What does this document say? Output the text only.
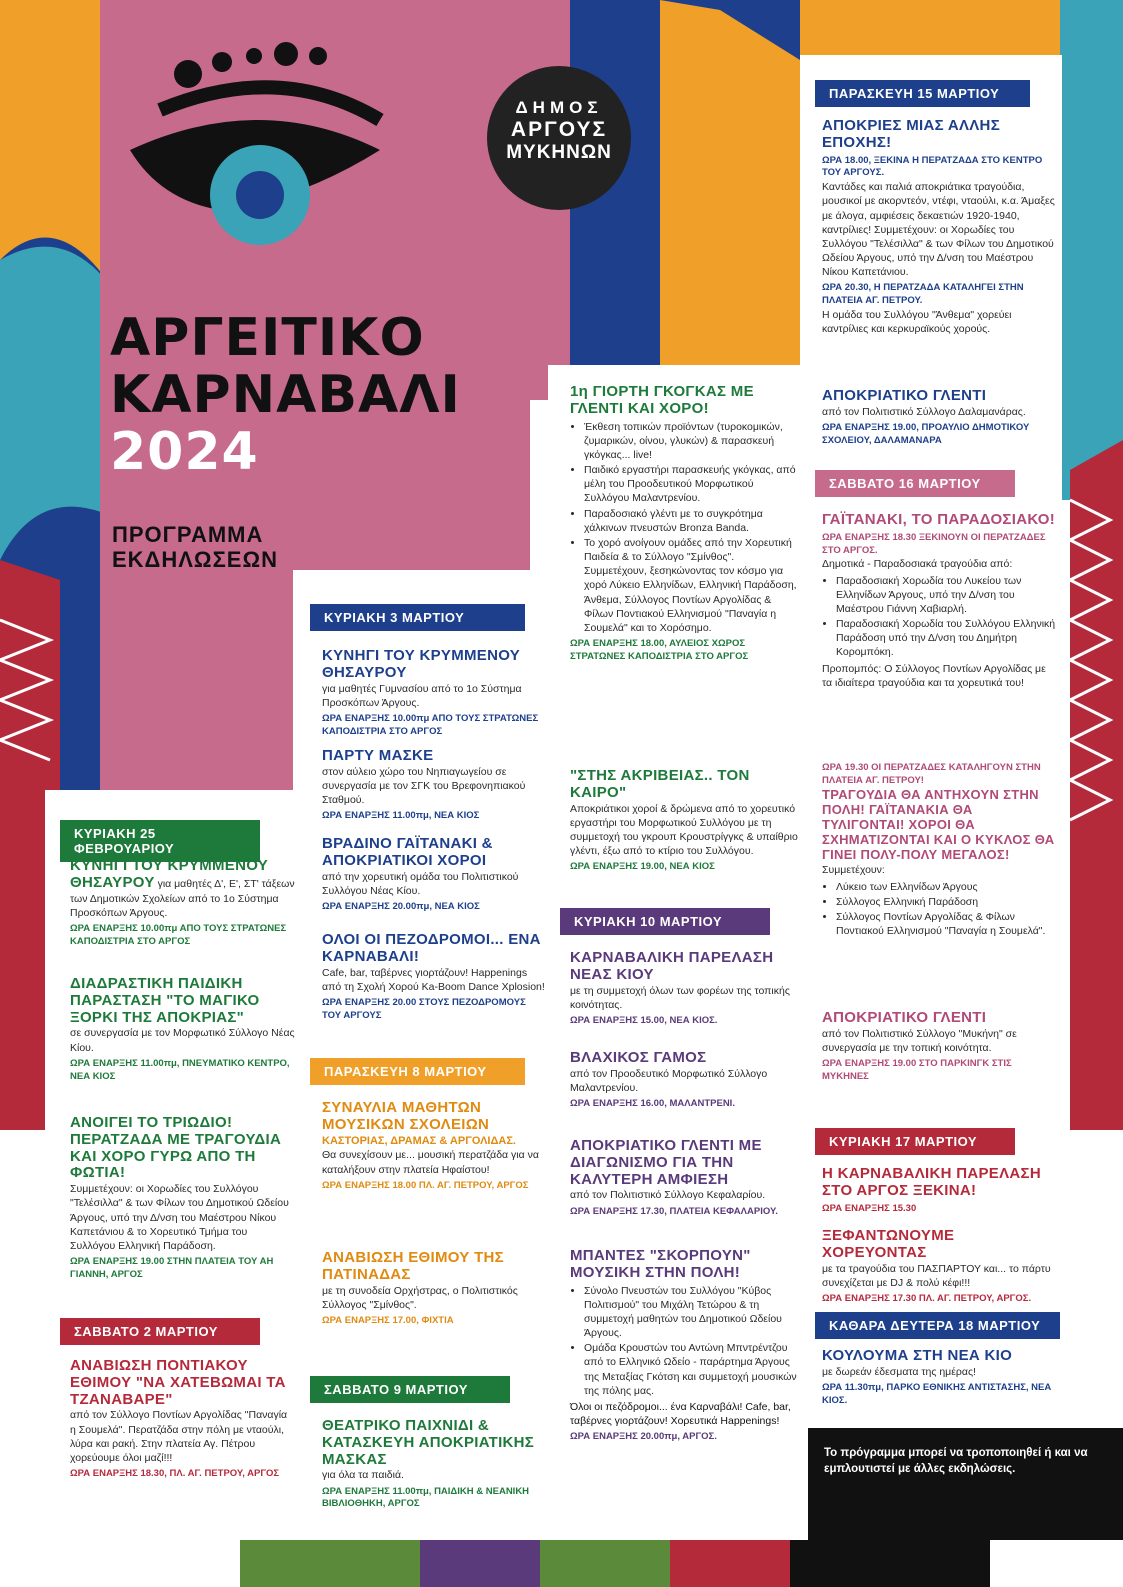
ΔΗΜΟΣ
ΑΡΓΟΥΣ
ΜΥΚΗΝΩΝ
ΑΡΓΕΙΤΙΚΟ
ΚΑΡΝΑΒΑΛΙ
2024
ΠΡΟΓΡΑΜΜΑ
ΕΚΔΗΛΩΣΕΩΝ
ΚΥΡΙΑΚΗ 25 ΦΕΒΡΟΥΑΡΙΟΥ
ΚΥΝΗΓΙ ΤΟΥ ΚΡΥΜΜΕΝΟΥ ΘΗΣΑΥΡΟΥ για μαθητές Δ', Ε', ΣΤ' τάξεων των Δημοτικών Σχολείων από το 1ο Σύστημα Προσκόπων Άργους.
ΩΡΑ ΕΝΑΡΞΗΣ 10.00πμ ΑΠΟ ΤΟΥΣ ΣΤΡΑΤΩΝΕΣ ΚΑΠΟΔΙΣΤΡΙΑ ΣΤΟ ΑΡΓΟΣ
ΔΙΑΔΡΑΣΤΙΚΗ ΠΑΙΔΙΚΗ ΠΑΡΑΣΤΑΣΗ "ΤΟ ΜΑΓΙΚΟ ΞΟΡΚΙ ΤΗΣ ΑΠΟΚΡΙΑΣ"
σε συνεργασία με τον Μορφωτικό Σύλλογο Νέας Κίου.
ΩΡΑ ΕΝΑΡΞΗΣ 11.00πμ, ΠΝΕΥΜΑΤΙΚΟ ΚΕΝΤΡΟ, ΝΕΑ ΚΙΟΣ
ΑΝΟΙΓΕΙ ΤΟ ΤΡΙΩΔΙΟ! ΠΕΡΑΤΖΑΔΑ ΜΕ ΤΡΑΓΟΥΔΙΑ ΚΑΙ ΧΟΡΟ ΓΥΡΩ ΑΠΟ ΤΗ ΦΩΤΙΑ!
Συμμετέχουν: οι Χορωδίες του Συλλόγου "Τελέσιλλα" & των Φίλων του Δημοτικού Ωδείου Άργους, υπό την Δ/νση του Μαέστρου Νίκου Καπετάνιου & το Χορευτικό Τμήμα του Συλλόγου Ελληνική Παράδοση.
ΩΡΑ ΕΝΑΡΞΗΣ 19.00 ΣΤΗΝ ΠΛΑΤΕΙΑ ΤΟΥ ΑΗ ΓΙΑΝΝΗ, ΑΡΓΟΣ
ΣΑΒΒΑΤΟ 2 ΜΑΡΤΙΟΥ
ΑΝΑΒΙΩΣΗ ΠΟΝΤΙΑΚΟΥ ΕΘΙΜΟΥ "ΝΑ ΧΑΤΕΒΩΜΑΙ ΤΑ ΤΖΑΝΑΒΑΡΕ"
από τον Σύλλογο Ποντίων Αργολίδας "Παναγία η Σουμελά". Περατζάδα στην πόλη με νταούλι, λύρα και ρακή. Στην πλατεία Αγ. Πέτρου χορεύουμε όλοι μαζί!!!
ΩΡΑ ΕΝΑΡΞΗΣ 18.30, ΠΛ. ΑΓ. ΠΕΤΡΟΥ, ΑΡΓΟΣ
ΚΥΡΙΑΚΗ 3 ΜΑΡΤΙΟΥ
ΚΥΝΗΓΙ ΤΟΥ ΚΡΥΜΜΕΝΟΥ ΘΗΣΑΥΡΟΥ
για μαθητές Γυμνασίου από το 1ο Σύστημα Προσκόπων Άργους.
ΩΡΑ ΕΝΑΡΞΗΣ 10.00πμ ΑΠΟ ΤΟΥΣ ΣΤΡΑΤΩΝΕΣ ΚΑΠΟΔΙΣΤΡΙΑ ΣΤΟ ΑΡΓΟΣ
ΠΑΡΤΥ ΜΑΣΚΕ
στον αύλειο χώρο του Νηπιαγωγείου σε συνεργασία με τον ΣΓΚ του Βρεφονηπιακού Σταθμού.
ΩΡΑ ΕΝΑΡΞΗΣ 11.00πμ, ΝΕΑ ΚΙΟΣ
ΒΡΑΔΙΝΟ ΓΑΪΤΑΝΑΚΙ & ΑΠΟΚΡΙΑΤΙΚΟΙ ΧΟΡΟΙ
από την χορευτική ομάδα του Πολιτιστικού Συλλόγου Νέας Κίου.
ΩΡΑ ΕΝΑΡΞΗΣ 20.00πμ, ΝΕΑ ΚΙΟΣ
ΟΛΟΙ ΟΙ ΠΕΖΟΔΡΟΜΟΙ... ΕΝΑ ΚΑΡΝΑΒΑΛΙ!
Cafe, bar, ταβέρνες γιορτάζουν! Happenings από τη Σχολή Χορού Ka-Boom Dance Xplosion!
ΩΡΑ ΕΝΑΡΞΗΣ 20.00 ΣΤΟΥΣ ΠΕΖΟΔΡΟΜΟΥΣ ΤΟΥ ΑΡΓΟΥΣ
ΠΑΡΑΣΚΕΥΗ 8 ΜΑΡΤΙΟΥ
ΣΥΝΑΥΛΙΑ ΜΑΘΗΤΩΝ ΜΟΥΣΙΚΩΝ ΣΧΟΛΕΙΩΝ
ΚΑΣΤΟΡΙΑΣ, ΔΡΑΜΑΣ & ΑΡΓΟΛΙΔΑΣ.
Θα συνεχίσουν με... μουσική περατζάδα για να καταλήξουν στην πλατεία Ηφαίστου!
ΩΡΑ ΕΝΑΡΞΗΣ 18.00 ΠΛ. ΑΓ. ΠΕΤΡΟΥ, ΑΡΓΟΣ
ΑΝΑΒΙΩΣΗ ΕΘΙΜΟΥ ΤΗΣ ΠΑΤΙΝΑΔΑΣ
με τη συνοδεία Ορχήστρας, ο Πολιτιστικός Σύλλογος "Σμίνθος".
ΩΡΑ ΕΝΑΡΞΗΣ 17.00, ΦΙΧΤΙΑ
ΣΑΒΒΑΤΟ 9 ΜΑΡΤΙΟΥ
ΘΕΑΤΡΙΚΟ ΠΑΙΧΝΙΔΙ & ΚΑΤΑΣΚΕΥΗ ΑΠΟΚΡΙΑΤΙΚΗΣ ΜΑΣΚΑΣ
για όλα τα παιδιά.
ΩΡΑ ΕΝΑΡΞΗΣ 11.00πμ, ΠΑΙΔΙΚΗ & ΝΕΑΝΙΚΗ ΒΙΒΛΙΟΘΗΚΗ, ΑΡΓΟΣ
1η ΓΙΟΡΤΗ ΓΚΟΓΚΑΣ ΜΕ ΓΛΕΝΤΙ ΚΑΙ ΧΟΡΟ!
• Έκθεση τοπικών προϊόντων (τυροκομικών, ζυμαρικών, οίνου, γλυκών) & παρασκευή γκόγκας... live!
• Παιδικό εργαστήρι παρασκευής γκόγκας, από μέλη του Προοδευτικού Μορφωτικού Συλλόγου Μαλαντρενίου.
• Παραδοσιακό γλέντι με το συγκρότημα χάλκινων πνευστών Bronza Banda.
• Το χορό ανοίγουν ομάδες από την Χορευτική Παιδεία & το Σύλλογο "Σμίνθος". Συμμετέχουν, ξεσηκώνοντας τον κόσμο για χορό Λύκειο Ελληνίδων, Ελληνική Παράδοση, Άνθεμα, Σύλλογος Ποντίων Αργολίδας & Φίλων Ποντιακού Ελληνισμού "Παναγία η Σουμελά" και το Χορόσημο.
ΩΡΑ ΕΝΑΡΞΗΣ 18.00, ΑΥΛΕΙΟΣ ΧΩΡΟΣ ΣΤΡΑΤΩΝΕΣ ΚΑΠΟΔΙΣΤΡΙΑ ΣΤΟ ΑΡΓΟΣ
"ΣΤΗΣ ΑΚΡΙΒΕΙΑΣ.. ΤΟΝ ΚΑΙΡΟ"
Αποκριάτικοι χοροί & δρώμενα από το χορευτικό εργαστήρι του Μορφωτικού Συλλόγου με τη συμμετοχή του γκρουπ Κρουστρίγγκς & υπαίθριο γλέντι, έξω από το κτίριο του Συλλόγου.
ΩΡΑ ΕΝΑΡΞΗΣ 19.00, ΝΕΑ ΚΙΟΣ
ΚΥΡΙΑΚΗ 10 ΜΑΡΤΙΟΥ
ΚΑΡΝΑΒΑΛΙΚΗ ΠΑΡΕΛΑΣΗ ΝΕΑΣ ΚΙΟΥ
με τη συμμετοχή όλων των φορέων της τοπικής κοινότητας.
ΩΡΑ ΕΝΑΡΞΗΣ 15.00, ΝΕΑ ΚΙΟΣ.
ΒΛΑΧΙΚΟΣ ΓΑΜΟΣ
από τον Προοδευτικό Μορφωτικό Σύλλογο Μαλαντρενίου.
ΩΡΑ ΕΝΑΡΞΗΣ 16.00, ΜΑΛΑΝΤΡΕΝΙ.
ΑΠΟΚΡΙΑΤΙΚΟ ΓΛΕΝΤΙ ΜΕ ΔΙΑΓΩΝΙΣΜΟ ΓΙΑ ΤΗΝ ΚΑΛΥΤΕΡΗ ΑΜΦΙΕΣΗ
από τον Πολιτιστικό Σύλλογο Κεφαλαρίου.
ΩΡΑ ΕΝΑΡΞΗΣ 17.30, ΠΛΑΤΕΙΑ ΚΕΦΑΛΑΡΙΟΥ.
ΜΠΑΝΤΕΣ "ΣΚΟΡΠΟΥΝ" ΜΟΥΣΙΚΗ ΣΤΗΝ ΠΟΛΗ!
• Σύνολο Πνευστών του Συλλόγου "Κύβος Πολιτισμού" του Μιχάλη Τετώρου & τη συμμετοχή μαθητών του Δημοτικού Ωδείου Άργους.
• Ομάδα Κρουστών του Αντώνη Μπντρέντζου από το Ελληνικό Ωδείο - παράρτημα Άργους της Μεταξίας Γκότση και συμμετοχή μουσικών της πόλης μας.
Όλοι οι πεζόδρομοι... ένα Καρναβάλι! Cafe, bar, ταβέρνες γιορτάζουν! Χορευτικά Happenings!
ΩΡΑ ΕΝΑΡΞΗΣ 20.00πμ, ΑΡΓΟΣ.
ΠΑΡΑΣΚΕΥΗ 15 ΜΑΡΤΙΟΥ
ΑΠΟΚΡΙΕΣ ΜΙΑΣ ΑΛΛΗΣ ΕΠΟΧΗΣ!
ΩΡΑ 18.00, ΞΕΚΙΝΑ Η ΠΕΡΑΤΖΑΔΑ ΣΤΟ ΚΕΝΤΡΟ ΤΟΥ ΑΡΓΟΥΣ.
Καντάδες και παλιά αποκριάτικα τραγούδια, μουσικοί με ακορντεόν, ντέφι, νταούλι, κ.α. Άμαξες με άλογα, αμφιέσεις δεκαετιών 1920-1940, καντρίλιες! Συμμετέχουν: οι Χορωδίες του Συλλόγου "Τελέσιλλα" & των Φίλων του Δημοτικού Ωδείου Άργους, υπό την Δ/νση του Μαέστρου Νίκου Καπετάνιου.
ΩΡΑ 20.30, Η ΠΕΡΑΤΖΑΔΑ ΚΑΤΑΛΗΓΕΙ ΣΤΗΝ ΠΛΑΤΕΙΑ ΑΓ. ΠΕΤΡΟΥ.
Η ομάδα του Συλλόγου "Άνθεμα" χορεύει καντρίλιες και κερκυραϊκούς χορούς.
ΑΠΟΚΡΙΑΤΙΚΟ ΓΛΕΝΤΙ
από τον Πολιτιστικό Σύλλογο Δαλαμανάρας.
ΩΡΑ ΕΝΑΡΞΗΣ 19.00, ΠΡΟΑΥΛΙΟ ΔΗΜΟΤΙΚΟΥ ΣΧΟΛΕΙΟΥ, ΔΑΛΑΜΑΝΑΡΑ
ΣΑΒΒΑΤΟ 16 ΜΑΡΤΙΟΥ
ΓΑΪΤΑΝΑΚΙ, ΤΟ ΠΑΡΑΔΟΣΙΑΚΟ!
ΩΡΑ ΕΝΑΡΞΗΣ 18.30 ΞΕΚΙΝΟΥΝ ΟΙ ΠΕΡΑΤΖΑΔΕΣ ΣΤΟ ΑΡΓΟΣ.
Δημοτικά - Παραδοσιακά τραγούδια από:
• Παραδοσιακή Χορωδία του Λυκείου των Ελληνίδων Άργους, υπό την Δ/νση του Μαέστρου Γιάννη Χαβιαρλή.
• Παραδοσιακή Χορωδία του Συλλόγου Ελληνική Παράδοση υπό την Δ/νση του Δημήτρη Κορομπόκη.
Προπομπός: Ο Σύλλογος Ποντίων Αργολίδας με τα ιδιαίτερα τραγούδια και τα χορευτικά του!
ΩΡΑ 19.30 ΟΙ ΠΕΡΑΤΖΑΔΕΣ ΚΑΤΑΛΗΓΟΥΝ ΣΤΗΝ ΠΛΑΤΕΙΑ ΑΓ. ΠΕΤΡΟΥ!
ΤΡΑΓΟΥΔΙΑ ΘΑ ΑΝΤΗΧΟΥΝ ΣΤΗΝ ΠΟΛΗ! ΓΑΪΤΑΝΑΚΙΑ ΘΑ ΤΥΛΙΓΟΝΤΑΙ! ΧΟΡΟΙ ΘΑ ΣΧΗΜΑΤΙΖΟΝΤΑΙ ΚΑΙ Ο ΚΥΚΛΟΣ ΘΑ ΓΙΝΕΙ ΠΟΛΥ-ΠΟΛΥ ΜΕΓΑΛΟΣ!
Συμμετέχουν:
• Λύκειο των Ελληνίδων Άργους
• Σύλλογος Ελληνική Παράδοση
• Σύλλογος Ποντίων Αργολίδας & Φίλων Ποντιακού Ελληνισμού "Παναγία η Σουμελά".
ΑΠΟΚΡΙΑΤΙΚΟ ΓΛΕΝΤΙ
από τον Πολιτιστικό Σύλλογο "Μυκήνη" σε συνεργασία με την τοπική κοινότητα.
ΩΡΑ ΕΝΑΡΞΗΣ 19.00 ΣΤΟ ΠΑΡΚΙΝΓΚ ΣΤΙΣ ΜΥΚΗΝΕΣ
ΚΥΡΙΑΚΗ 17 ΜΑΡΤΙΟΥ
Η ΚΑΡΝΑΒΑΛΙΚΗ ΠΑΡΕΛΑΣΗ ΣΤΟ ΑΡΓΟΣ ΞΕΚΙΝΑ!
ΩΡΑ ΕΝΑΡΞΗΣ 15.30
ΞΕΦΑΝΤΩΝΟΥΜΕ ΧΟΡΕΥΟΝΤΑΣ
με τα τραγούδια του ΠΑΣΠΑΡΤΟΥ και... το πάρτυ συνεχίζεται με DJ & πολύ κέφι!!!
ΩΡΑ ΕΝΑΡΞΗΣ 17.30 ΠΛ. ΑΓ. ΠΕΤΡΟΥ, ΑΡΓΟΣ.
ΚΑΘΑΡΑ ΔΕΥΤΕΡΑ 18 ΜΑΡΤΙΟΥ
ΚΟΥΛΟΥΜΑ ΣΤΗ ΝΕΑ ΚΙΟ
με δωρεάν έδεσματα της ημέρας!
ΩΡΑ 11.30πμ, ΠΑΡΚΟ ΕΘΝΙΚΗΣ ΑΝΤΙΣΤΑΣΗΣ, ΝΕΑ ΚΙΟΣ.
Το πρόγραμμα μπορεί να τροποποιηθεί ή και να εμπλουτιστεί με άλλες εκδηλώσεις.
